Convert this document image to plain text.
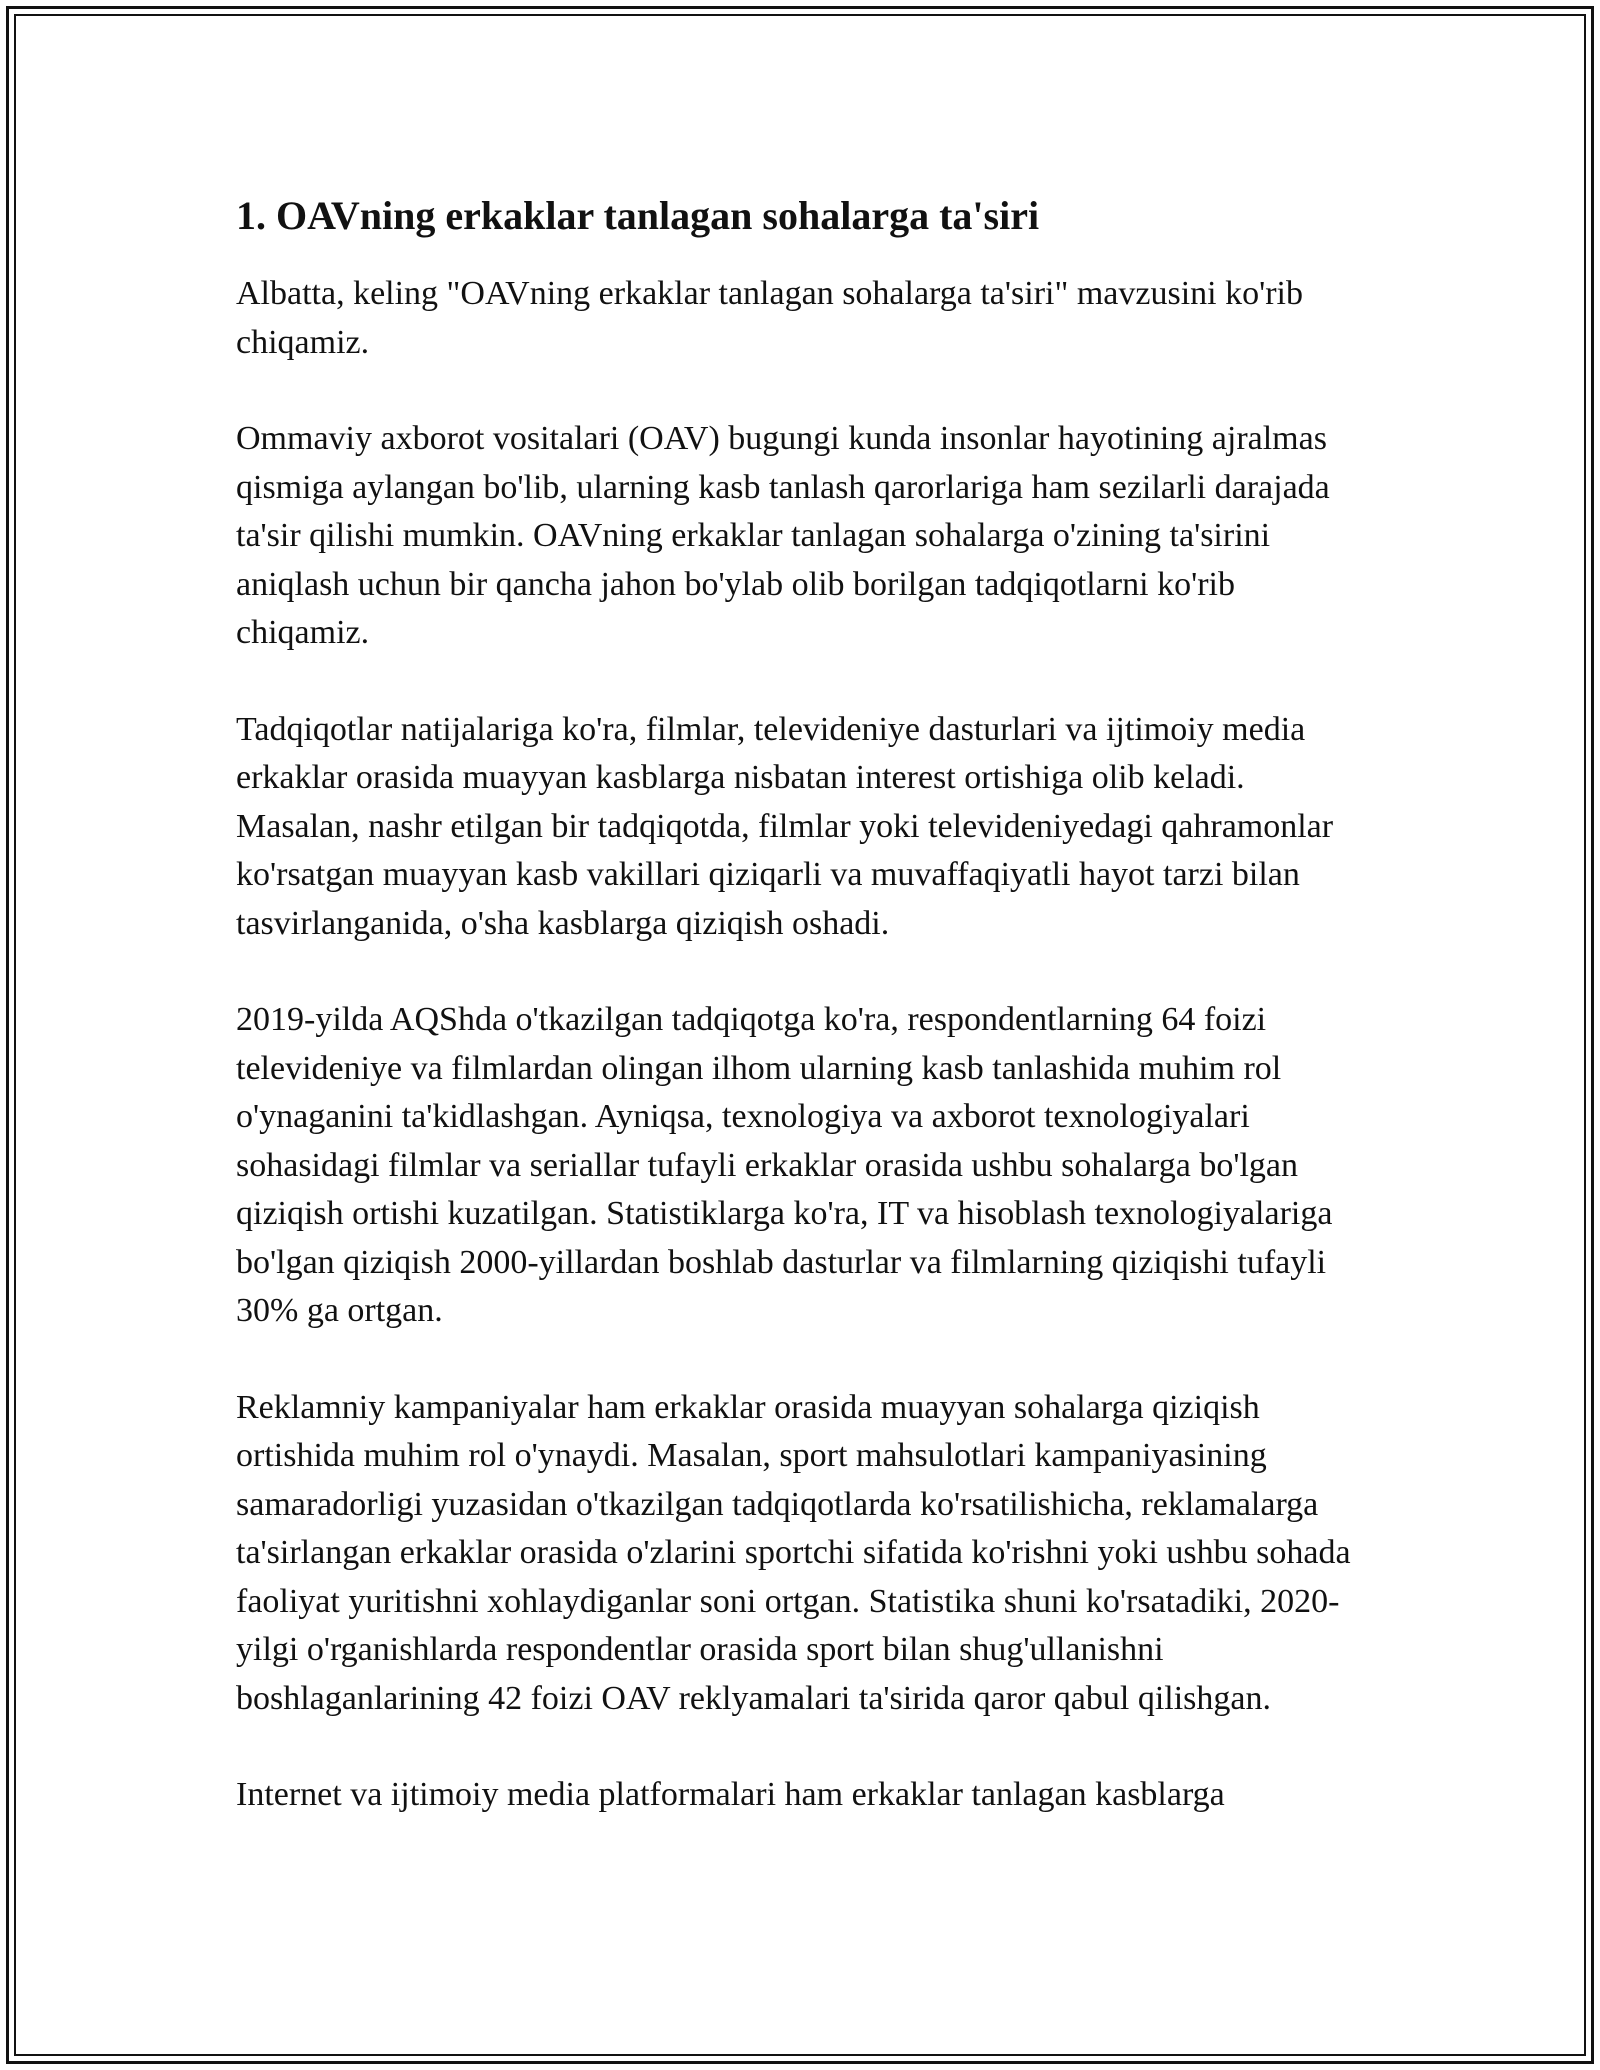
1. OAVning erkaklar tanlagan sohalarga ta'siri

Albatta, keling "OAVning erkaklar tanlagan sohalarga ta'siri" mavzusini ko'rib chiqamiz.

Ommaviy axborot vositalari (OAV) bugungi kunda insonlar hayotining ajralmas qismiga aylangan bo'lib, ularning kasb tanlash qarorlariga ham sezilarli darajada ta'sir qilishi mumkin. OAVning erkaklar tanlagan sohalarga o'zining ta'sirini aniqlash uchun bir qancha jahon bo'ylab olib borilgan tadqiqotlarni ko'rib chiqamiz.

Tadqiqotlar natijalariga ko'ra, filmlar, televideniye dasturlari va ijtimoiy media erkaklar orasida muayyan kasblarga nisbatan interest ortishiga olib keladi. Masalan, nashr etilgan bir tadqiqotda, filmlar yoki televideniyedagi qahramonlar ko'rsatgan muayyan kasb vakillari qiziqarli va muvaffaqiyatli hayot tarzi bilan tasvirlanganida, o'sha kasblarga qiziqish oshadi.

2019-yilda AQShda o'tkazilgan tadqiqotga ko'ra, respondentlarning 64 foizi televideniye va filmlardan olingan ilhom ularning kasb tanlashida muhim rol o'ynaganini ta'kidlashgan. Ayniqsa, texnologiya va axborot texnologiyalari sohasidagi filmlar va seriallar tufayli erkaklar orasida ushbu sohalarga bo'lgan qiziqish ortishi kuzatilgan. Statistiklarga ko'ra, IT va hisoblash texnologiyalariga bo'lgan qiziqish 2000-yillardan boshlab dasturlar va filmlarning qiziqishi tufayli 30% ga ortgan.

Reklamniy kampaniyalar ham erkaklar orasida muayyan sohalarga qiziqish ortishida muhim rol o'ynaydi. Masalan, sport mahsulotlari kampaniyasining samaradorligi yuzasidan o'tkazilgan tadqiqotlarda ko'rsatilishicha, reklamalarga ta'sirlangan erkaklar orasida o'zlarini sportchi sifatida ko'rishni yoki ushbu sohada faoliyat yuritishni xohlaydiganlar soni ortgan. Statistika shuni ko'rsatadiki, 2020-yilgi o'rganishlarda respondentlar orasida sport bilan shug'ullanishni boshlaganlarining 42 foizi OAV reklyamalari ta'sirida qaror qabul qilishgan.

Internet va ijtimoiy media platformalari ham erkaklar tanlagan kasblarga
